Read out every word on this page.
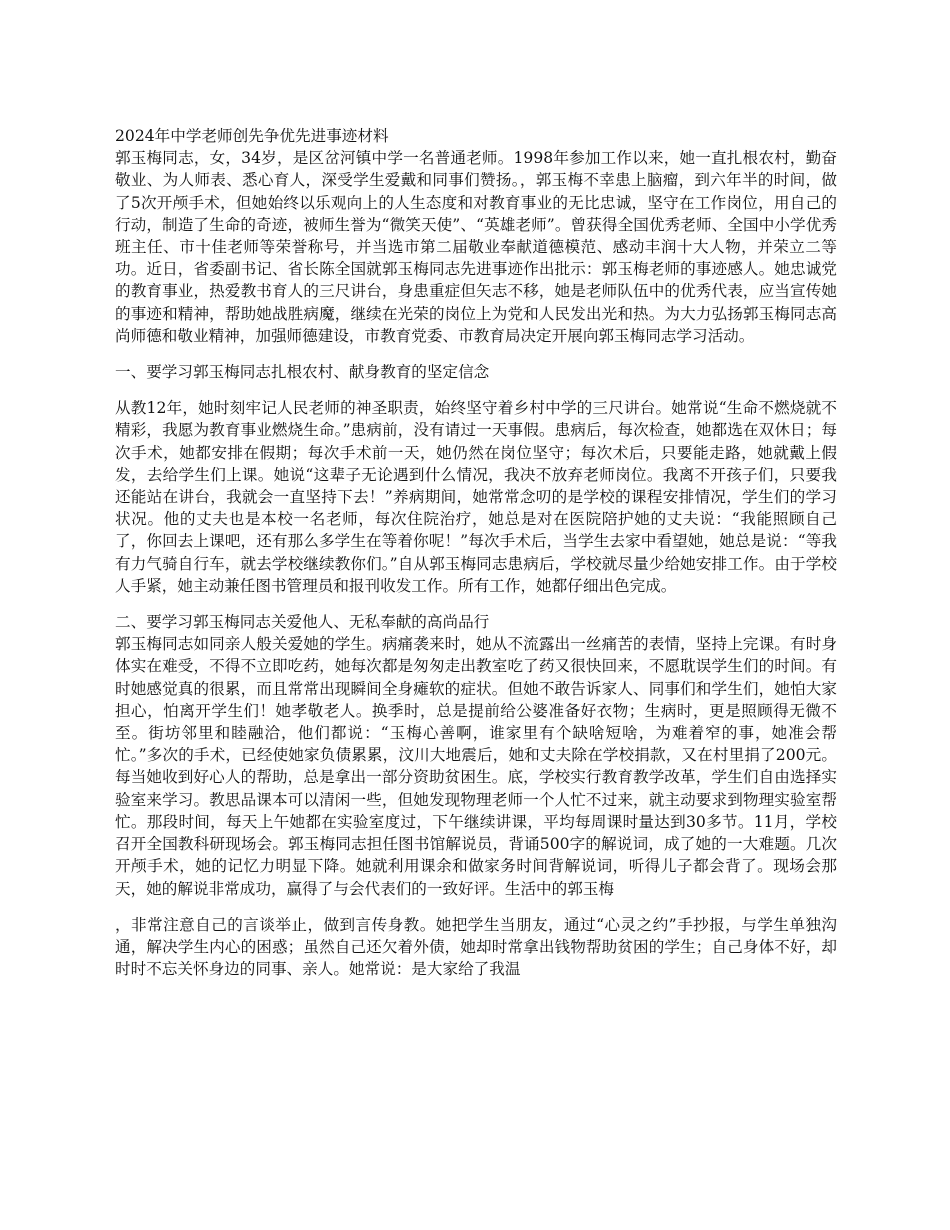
2024年中学老师创先争优先进事迹材料

郭玉梅同志，女，34岁，是区岔河镇中学一名普通老师。1998年参加工作以来，她一直扎根农村，勤奋敬业、为人师表、悉心育人，深受学生爱戴和同事们赞扬。，郭玉梅不幸患上脑瘤，到六年半的时间，做了5次开颅手术，但她始终以乐观向上的人生态度和对教育事业的无比忠诚，坚守在工作岗位，用自己的行动，制造了生命的奇迹，被师生誉为“微笑天使”、“英雄老师”。曾获得全国优秀老师、全国中小学优秀班主任、市十佳老师等荣誉称号，并当选市第二届敬业奉献道德模范、感动丰润十大人物，并荣立二等功。近日，省委副书记、省长陈全国就郭玉梅同志先进事迹作出批示：郭玉梅老师的事迹感人。她忠诚党的教育事业，热爱教书育人的三尺讲台，身患重症但矢志不移，她是老师队伍中的优秀代表，应当宣传她的事迹和精神，帮助她战胜病魔，继续在光荣的岗位上为党和人民发出光和热。为大力弘扬郭玉梅同志高尚师德和敬业精神，加强师德建设，市教育党委、市教育局决定开展向郭玉梅同志学习活动。

一、要学习郭玉梅同志扎根农村、献身教育的坚定信念

从教12年，她时刻牢记人民老师的神圣职责，始终坚守着乡村中学的三尺讲台。她常说“生命不燃烧就不精彩，我愿为教育事业燃烧生命。”患病前，没有请过一天事假。患病后，每次检查，她都选在双休日；每次手术，她都安排在假期；每次手术前一天，她仍然在岗位坚守；每次术后，只要能走路，她就戴上假发，去给学生们上课。她说“这辈子无论遇到什么情况，我决不放弃老师岗位。我离不开孩子们，只要我还能站在讲台，我就会一直坚持下去！”养病期间，她常常念叨的是学校的课程安排情况，学生们的学习状况。他的丈夫也是本校一名老师，每次住院治疗，她总是对在医院陪护她的丈夫说：“我能照顾自己了，你回去上课吧，还有那么多学生在等着你呢！”每次手术后，当学生去家中看望她，她总是说：“等我有力气骑自行车，就去学校继续教你们。”自从郭玉梅同志患病后，学校就尽量少给她安排工作。由于学校人手紧，她主动兼任图书管理员和报刊收发工作。所有工作，她都仔细出色完成。

二、要学习郭玉梅同志关爱他人、无私奉献的高尚品行

郭玉梅同志如同亲人般关爱她的学生。病痛袭来时，她从不流露出一丝痛苦的表情，坚持上完课。有时身体实在难受，不得不立即吃药，她每次都是匆匆走出教室吃了药又很快回来，不愿耽误学生们的时间。有时她感觉真的很累，而且常常出现瞬间全身瘫软的症状。但她不敢告诉家人、同事们和学生们，她怕大家担心，怕离开学生们！她孝敬老人。换季时，总是提前给公婆准备好衣物；生病时，更是照顾得无微不至。街坊邻里和睦融洽，他们都说：“玉梅心善啊，谁家里有个缺啥短啥，为难着窄的事，她准会帮忙。”多次的手术，已经使她家负债累累，汶川大地震后，她和丈夫除在学校捐款，又在村里捐了200元。每当她收到好心人的帮助，总是拿出一部分资助贫困生。底，学校实行教育教学改革，学生们自由选择实验室来学习。教思品课本可以清闲一些，但她发现物理老师一个人忙不过来，就主动要求到物理实验室帮忙。那段时间，每天上午她都在实验室度过，下午继续讲课，平均每周课时量达到30多节。11月，学校召开全国教科研现场会。郭玉梅同志担任图书馆解说员，背诵500字的解说词，成了她的一大难题。几次开颅手术，她的记忆力明显下降。她就利用课余和做家务时间背解说词，听得儿子都会背了。现场会那天，她的解说非常成功，赢得了与会代表们的一致好评。生活中的郭玉梅

，非常注意自己的言谈举止，做到言传身教。她把学生当朋友，通过“心灵之约”手抄报，与学生单独沟通，解决学生内心的困惑；虽然自己还欠着外债，她却时常拿出钱物帮助贫困的学生；自己身体不好，却时时不忘关怀身边的同事、亲人。她常说：是大家给了我温
